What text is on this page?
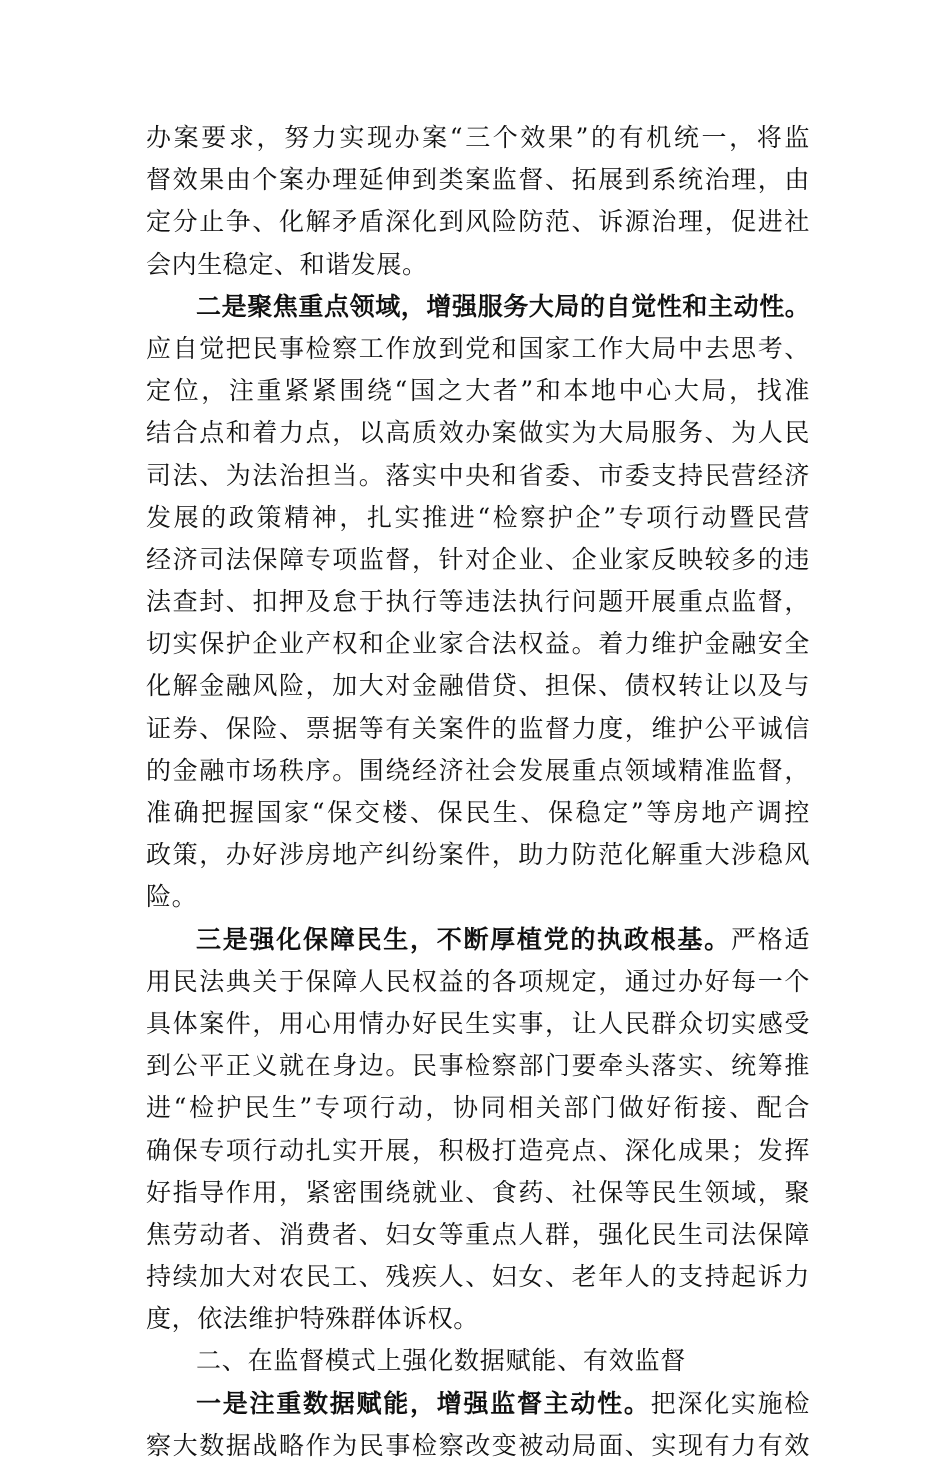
办案要求，努力实现办案“三个效果”的有机统一，将监
督效果由个案办理延伸到类案监督、拓展到系统治理，由
定分止争、化解矛盾深化到风险防范、诉源治理，促进社
会内生稳定、和谐发展。
二是聚焦重点领域，增强服务大局的自觉性和主动性。
应自觉把民事检察工作放到党和国家工作大局中去思考、
定位，注重紧紧围绕“国之大者”和本地中心大局，找准
结合点和着力点，以高质效办案做实为大局服务、为人民
司法、为法治担当。落实中央和省委、市委支持民营经济
发展的政策精神，扎实推进“检察护企”专项行动暨民营
经济司法保障专项监督，针对企业、企业家反映较多的违
法查封、扣押及怠于执行等违法执行问题开展重点监督，
切实保护企业产权和企业家合法权益。着力维护金融安全
化解金融风险，加大对金融借贷、担保、债权转让以及与
证券、保险、票据等有关案件的监督力度，维护公平诚信
的金融市场秩序。围绕经济社会发展重点领域精准监督，
准确把握国家“保交楼、保民生、保稳定”等房地产调控
政策，办好涉房地产纠纷案件，助力防范化解重大涉稳风
险。
三是强化保障民生，不断厚植党的执政根基。严格适
用民法典关于保障人民权益的各项规定，通过办好每一个
具体案件，用心用情办好民生实事，让人民群众切实感受
到公平正义就在身边。民事检察部门要牵头落实、统筹推
进“检护民生”专项行动，协同相关部门做好衔接、配合
确保专项行动扎实开展，积极打造亮点、深化成果；发挥
好指导作用，紧密围绕就业、食药、社保等民生领域，聚
焦劳动者、消费者、妇女等重点人群，强化民生司法保障
持续加大对农民工、残疾人、妇女、老年人的支持起诉力
度，依法维护特殊群体诉权。
二、在监督模式上强化数据赋能、有效监督
一是注重数据赋能，增强监督主动性。把深化实施检
察大数据战略作为民事检察改变被动局面、实现有力有效
